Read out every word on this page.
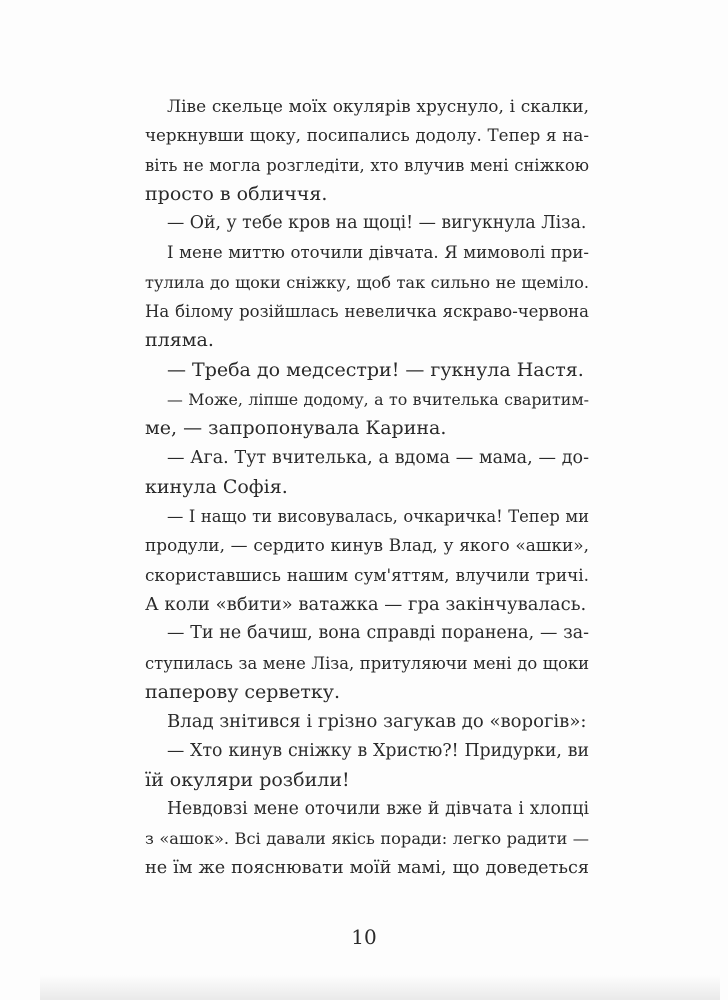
Ліве скельце моїх окулярів хруснуло, і скалки,
черкнувши щоку, посипались додолу. Тепер я на-
віть не могла розгледіти, хто влучив мені сніжкою
просто в обличчя.
— Ой, у тебе кров на щоці! — вигукнула Ліза.
І мене миттю оточили дівчата. Я мимоволі при-
тулила до щоки сніжку, щоб так сильно не щеміло.
На білому розійшлась невеличка яскраво-червона
пляма.
— Треба до медсестри! — гукнула Настя.
— Може, ліпше додому, а то вчителька сваритим-
ме, — запропонувала Карина.
— Ага. Тут вчителька, а вдома — мама, — до-
кинула Софія.
— І нащо ти висовувалась, очкаричка! Тепер ми
продули, — сердито кинув Влад, у якого «ашки»,
скориставшись нашим сум'яттям, влучили тричі.
А коли «вбити» ватажка — гра закінчувалась.
— Ти не бачиш, вона справді поранена, — за-
ступилась за мене Ліза, притуляючи мені до щоки
паперову серветку.
Влад знітився і грізно загукав до «ворогів»:
— Хто кинув сніжку в Христю?! Придурки, ви
їй окуляри розбили!
Невдовзі мене оточили вже й дівчата і хлопці
з «ашок». Всі давали якісь поради: легко радити —
не їм же пояснювати моїй мамі, що доведеться
10
